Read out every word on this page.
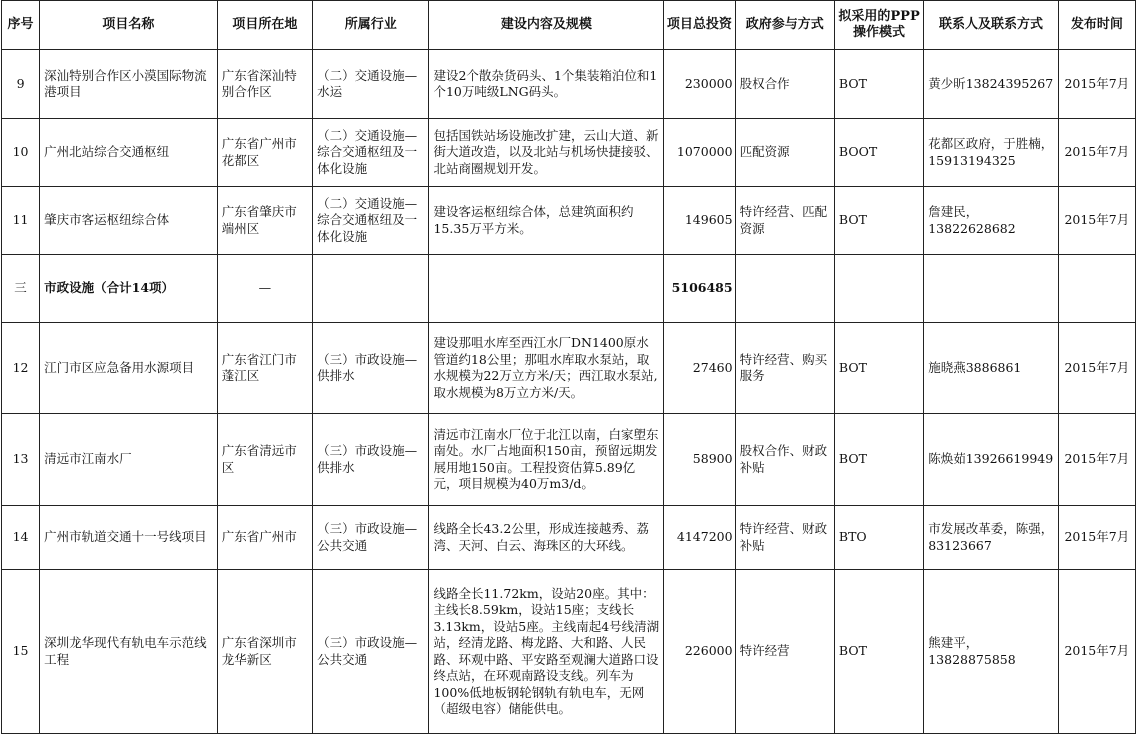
序号	项目名称	项目所在地	所属行业	建设内容及规模	项目总投资	政府参与方式	拟采用的PPP操作模式	联系人及联系方式	发布时间
9	深汕特别合作区小漠国际物流港项目	广东省深汕特别合作区	（二）交通设施—水运	建设2个散杂货码头、1个集装箱泊位和1个10万吨级LNG码头。	230000	股权合作	BOT	黄少昕13824395267	2015年7月
10	广州北站综合交通枢纽	广东省广州市花都区	（二）交通设施—综合交通枢纽及一体化设施	包括国铁站场设施改扩建，云山大道、新街大道改造，以及北站与机场快捷接驳、北站商圈规划开发。	1070000	匹配资源	BOOT	花都区政府，于胜楠，15913194325	2015年7月
11	肇庆市客运枢纽综合体	广东省肇庆市端州区	（二）交通设施—综合交通枢纽及一体化设施	建设客运枢纽综合体，总建筑面积约15.35万平方米。	149605	特许经营、匹配资源	BOT	詹建民，13822628682	2015年7月
三	市政设施（合计14项）	—			5106485				
12	江门市区应急备用水源项目	广东省江门市蓬江区	（三）市政设施—供排水	建设那咀水库至西江水厂DN1400原水管道约18公里；那咀水库取水泵站，取水规模为22万立方米/天；西江取水泵站,取水规模为8万立方米/天。	27460	特许经营、购买服务	BOT	施晓燕3886861	2015年7月
13	清远市江南水厂	广东省清远市区	（三）市政设施—供排水	清远市江南水厂位于北江以南，白家塱东南处。水厂占地面积150亩，预留远期发展用地150亩。工程投资估算5.89亿元，项目规模为40万m3/d。	58900	股权合作、财政补贴	BOT	陈焕茹13926619949	2015年7月
14	广州市轨道交通十一号线项目	广东省广州市	（三）市政设施—公共交通	线路全长43.2公里，形成连接越秀、荔湾、天河、白云、海珠区的大环线。	4147200	特许经营、财政补贴	BTO	市发展改革委，陈强，83123667	2015年7月
15	深圳龙华现代有轨电车示范线工程	广东省深圳市龙华新区	（三）市政设施—公共交通	线路全长11.72km，设站20座。其中：主线长8.59km，设站15座；支线长3.13km，设站5座。主线南起4号线清湖站，经清龙路、梅龙路、大和路、人民路、环观中路、平安路至观澜大道路口设终点站，在环观南路设支线。列车为100%低地板钢轮钢轨有轨电车，无网（超级电容）储能供电。	226000	特许经营	BOT	熊建平，13828875858	2015年7月
